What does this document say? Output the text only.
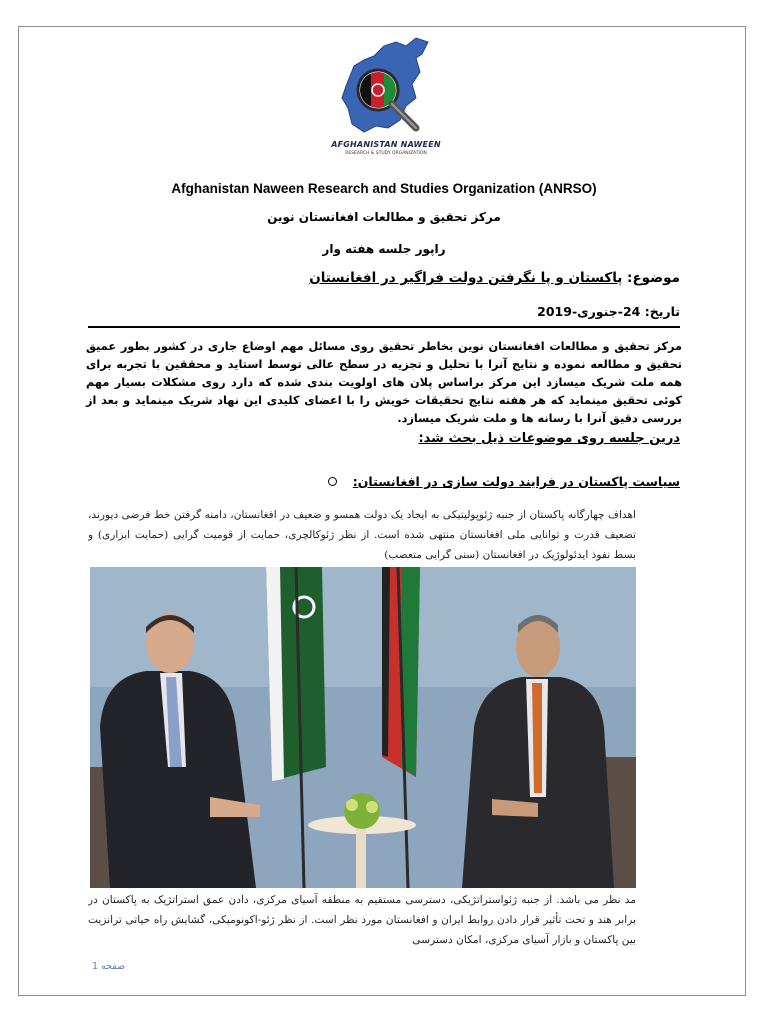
AFGHANISTAN NAWEEN
RESEARCH & STUDY ORGANIZATION
Afghanistan Naween Research and Studies Organization (ANRSO)
مرکز تحقیق و مطالعات افغانستان نوین
راپور جلسه هفته وار
موضوع: پاکستان و پا نگرفتن دولت فراگیر در افغانستان
تاریخ: 24-جنوری-2019
مرکز تحقیق و مطالعات افغانستان نوین بخاطر تحقیق روی مسائل مهم اوضاع جاری در کشور بطور عمیق تحقیق و مطالعه نموده و نتایج آنرا با تحلیل و تجزیه در سطح عالی توسط استاید و محققین با تجربه برای همه ملت شریک میسازد این مرکز براساس پلان های اولویت بندی شده که دارد روی مشکلات بسیار مهم کوئی تحقیق مینماید که هر هفته نتایج تحقیقات خویش را با اعضای کلیدی این نهاد شریک مینماید و بعد از بررسی دقیق آنرا با رسانه ها و ملت شریک میسازد.
درین جلسه روی موضوعات ذیل بحث شد:
سیاست پاکستان در فرایند دولت سازی در افغانستان:
اهداف چهارگانه پاکستان از جنبه ژئوپولیتیکی به ایجاد یک دولت همسو و ضعیف در افغانستان، دامنه گرفتن خط فرضی دیورند، تضعیف قدرت و توانایی ملی افغانستان منتهی شده است. از نظر ژئوکالچری، حمایت از قومیت گرایی (حمایت ابزاری) و بسط نفوذ ایدئولوژیک در افغانستان (سنی گرایی متعصب)
مد نظر می باشد. از جنبه ژئواستراتژیکی، دسترسی مستقیم به منطقه آسیای مرکزی، دادن عمق استراتژیک به پاکستان در برابر هند و تحت تأثیر قرار دادن روابط ایران و افغانستان مورد نظر است. از نظر ژئو-اکونومیکی، گشایش راه حیاتی ترانزیت بین پاکستان و بازار آسیای مرکزی، امکان دسترسی
صفحه 1
